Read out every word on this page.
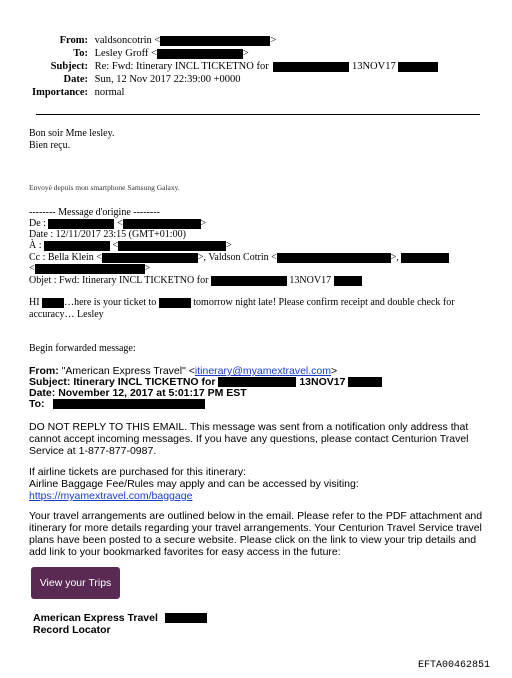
From: valdsoncotrin <	>
To: Lesley Groff <	>
Subject: Re: Fwd: Itinerary INCL TICKETNO for	13NOV17
Date: Sun, 12 Nov 2017 22:39:00 +0000
Importance: normal
Bon soir Mme lesley.
Bien reçu.
Envoyé depuis mon smartphone Samsung Galaxy.
-------- Message d'origine --------
De :	<	>
Date : 12/11/2017 23:15 (GMT+01:00)
À :	<	>
Cc : Bella Klein <	>, Valdson Cotrin <	>,
<	>
Objet : Fwd: Itinerary INCL TICKETNO for	13NOV17
HI …here is your ticket to	tomorrow night late! Please confirm receipt and double check for
accuracy… Lesley
Begin forwarded message:
From: "American Express Travel" <itinerary@myamextravel.com>
Subject: Itinerary INCL TICKETNO for	13NOV17
Date: November 12, 2017 at 5:01:17 PM EST
To:
DO NOT REPLY TO THIS EMAIL. This message was sent from a notification only address that
cannot accept incoming messages. If you have any questions, please contact Centurion Travel
Service at 1-877-877-0987.
If airline tickets are purchased for this itinerary:
Airline Baggage Fee/Rules may apply and can be accessed by visiting:
https://myamextravel.com/baggage
Your travel arrangements are outlined below in the email. Please refer to the PDF attachment and
itinerary for more details regarding your travel arrangements. Your Centurion Travel Service travel
plans have been posted to a secure website. Please click on the link to view your trip details and
add link to your bookmarked favorites for easy access in the future:
View your Trips
American Express Travel
Record Locator
EFTA00462851
